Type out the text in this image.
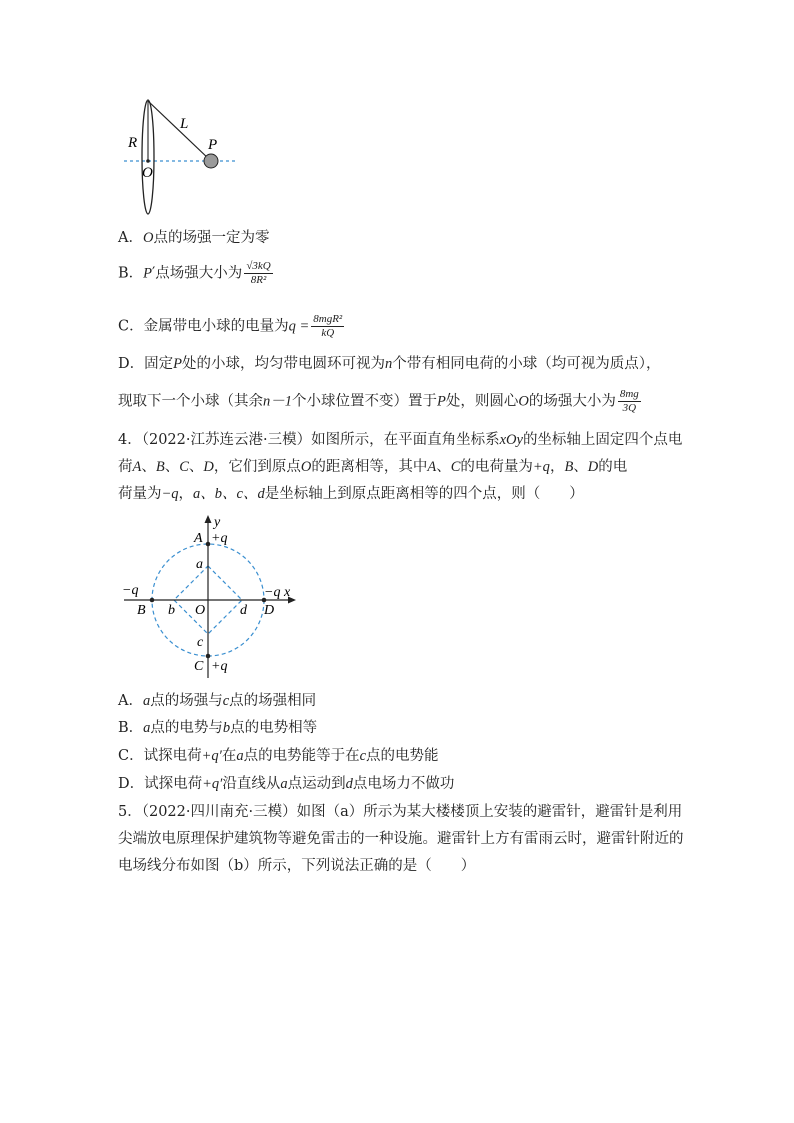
R
L
P
O
A．O点的场强一定为零
B．P′点场强大小为 $\frac{√3kQ}{\text{8R²}}$
C．金属带电小球的电量为$q = \frac{\text{8mgR²}}{kQ}$
D．固定P处的小球，均匀带电圆环可视为n个带有相同电荷的小球（均可视为质点），
现取下一个小球（其余n－1个小球位置不变）置于P处，则圆心O的场强大小为 $\frac{8mg}{3Q}$
4．（2022·江苏连云港·三模）如图所示，在平面直角坐标系xOy的坐标轴上固定四个点电
荷A、B、C、D，它们到原点O的距离相等，其中A、C的电荷量为+q，B、D的电
荷量为−q，a、b、c、d是坐标轴上到原点距离相等的四个点，则（　　）
y
x
A +q
a
−q
B b O d D
−q
c
C +q
A．a点的场强与c点的场强相同
B．a点的电势与b点的电势相等
C．试探电荷+q′在a点的电势能等于在c点的电势能
D．试探电荷+q′沿直线从a点运动到d点电场力不做功
5．（2022·四川南充·三模）如图（a）所示为某大楼楼顶上安装的避雷针，避雷针是利用
尖端放电原理保护建筑物等避免雷击的一种设施。避雷针上方有雷雨云时，避雷针附近的
电场线分布如图（b）所示，下列说法正确的是（　　）
